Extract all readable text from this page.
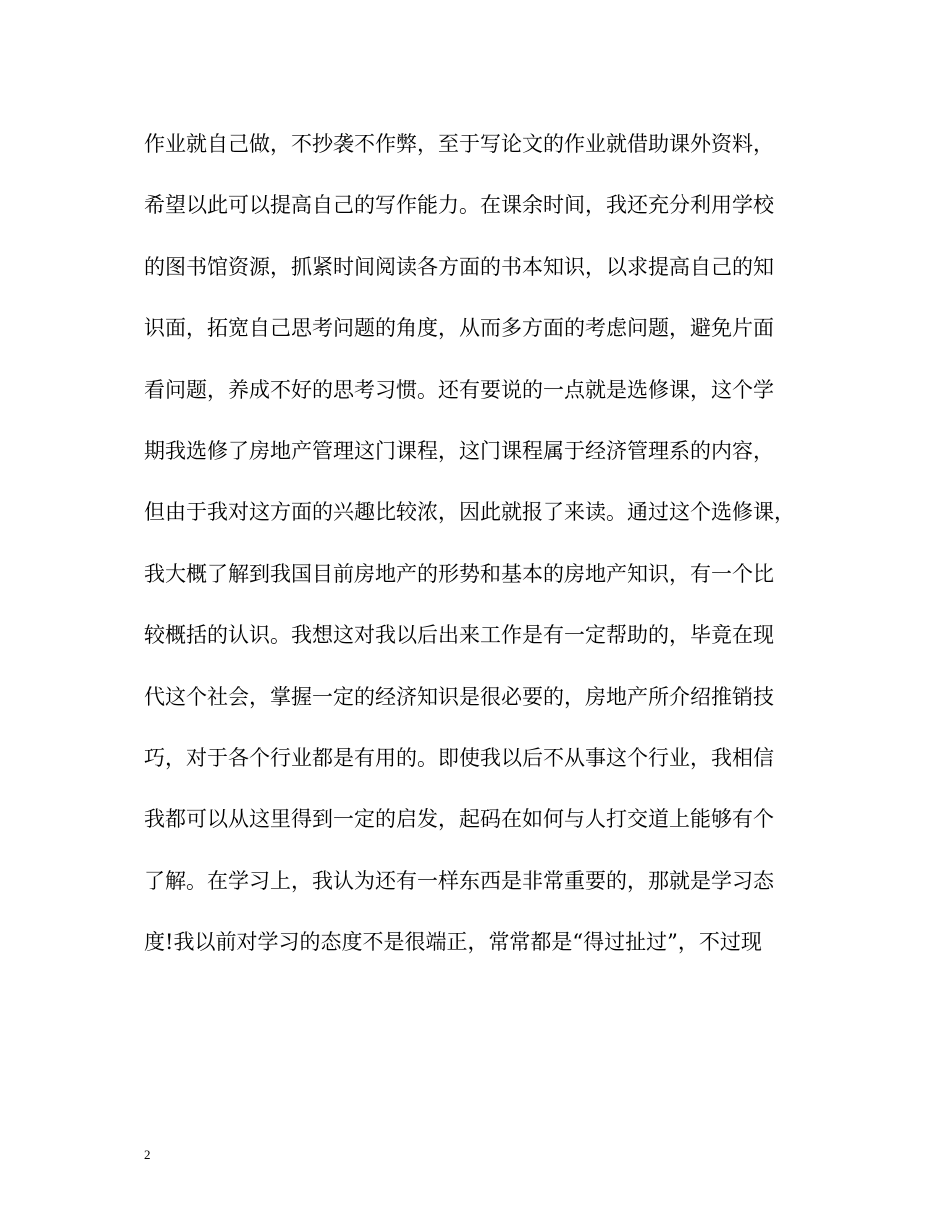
作业就自己做，不抄袭不作弊，至于写论文的作业就借助课外资料，
希望以此可以提高自己的写作能力。在课余时间，我还充分利用学校
的图书馆资源，抓紧时间阅读各方面的书本知识，以求提高自己的知
识面，拓宽自己思考问题的角度，从而多方面的考虑问题，避免片面
看问题，养成不好的思考习惯。还有要说的一点就是选修课，这个学
期我选修了房地产管理这门课程，这门课程属于经济管理系的内容，
但由于我对这方面的兴趣比较浓，因此就报了来读。通过这个选修课，
我大概了解到我国目前房地产的形势和基本的房地产知识，有一个比
较概括的认识。我想这对我以后出来工作是有一定帮助的，毕竟在现
代这个社会，掌握一定的经济知识是很必要的，房地产所介绍推销技
巧，对于各个行业都是有用的。即使我以后不从事这个行业，我相信
我都可以从这里得到一定的启发，起码在如何与人打交道上能够有个
了解。在学习上，我认为还有一样东西是非常重要的，那就是学习态
度!我以前对学习的态度不是很端正，常常都是“得过扯过”，不过现
2
